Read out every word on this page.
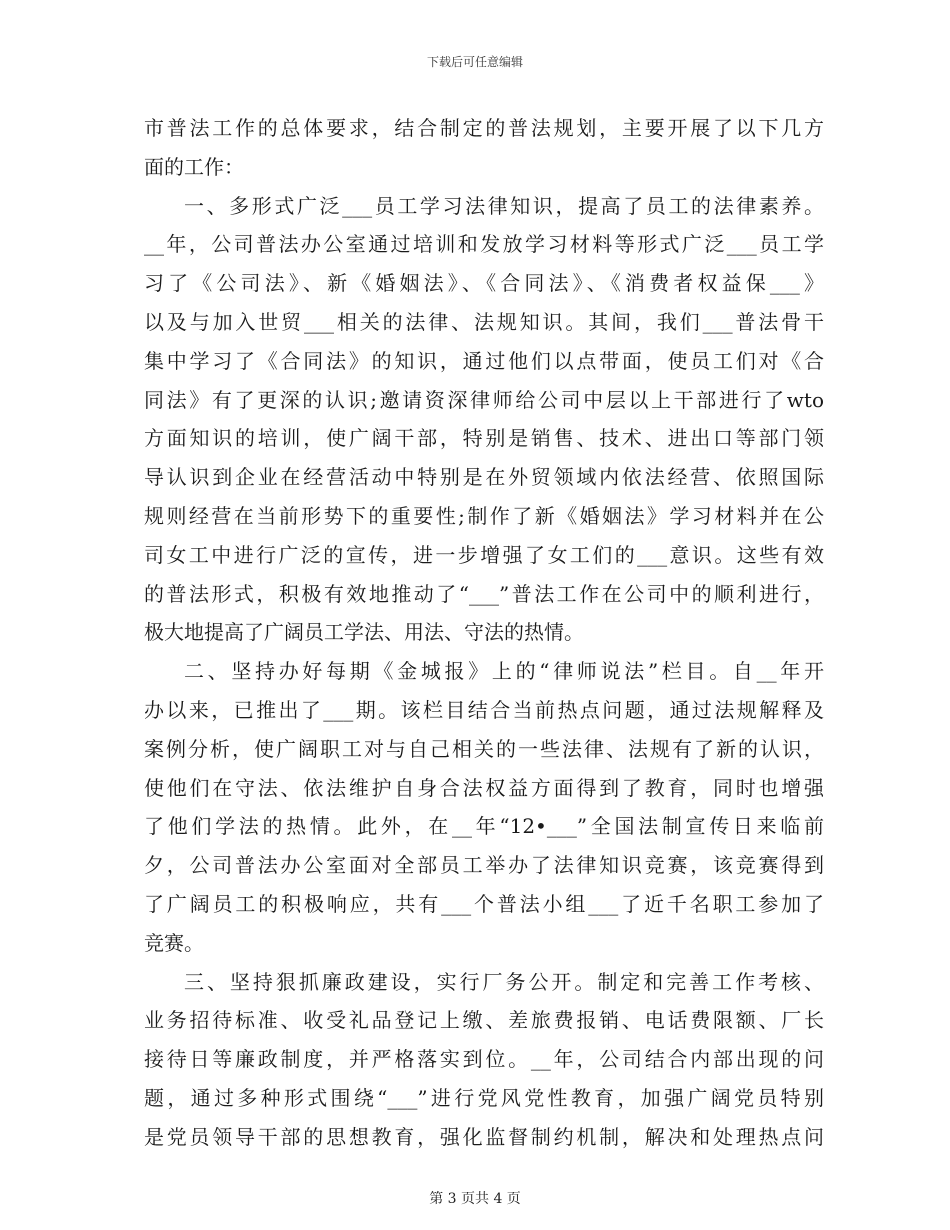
下载后可任意编辑
市普法工作的总体要求，结合制定的普法规划，主要开展了以下几方
面的工作：
一、多形式广泛___员工学习法律知识，提高了员工的法律素养。
__年，公司普法办公室通过培训和发放学习材料等形式广泛___员工学
习了《公司法》、新《婚姻法》、《合同法》、《消费者权益保___》
以及与加入世贸___相关的法律、法规知识。其间，我们___普法骨干
集中学习了《合同法》的知识，通过他们以点带面，使员工们对《合
同法》有了更深的认识;邀请资深律师给公司中层以上干部进行了wto
方面知识的培训，使广阔干部，特别是销售、技术、进出口等部门领
导认识到企业在经营活动中特别是在外贸领域内依法经营、依照国际
规则经营在当前形势下的重要性;制作了新《婚姻法》学习材料并在公
司女工中进行广泛的宣传，进一步增强了女工们的___意识。这些有效
的普法形式，积极有效地推动了“___”普法工作在公司中的顺利进行，
极大地提高了广阔员工学法、用法、守法的热情。
二、坚持办好每期《金城报》上的“律师说法”栏目。自__年开
办以来，已推出了___期。该栏目结合当前热点问题，通过法规解释及
案例分析，使广阔职工对与自己相关的一些法律、法规有了新的认识，
使他们在守法、依法维护自身合法权益方面得到了教育，同时也增强
了他们学法的热情。此外，在__年“12•___”全国法制宣传日来临前
夕，公司普法办公室面对全部员工举办了法律知识竞赛，该竞赛得到
了广阔员工的积极响应，共有___个普法小组___了近千名职工参加了
竞赛。
三、坚持狠抓廉政建设，实行厂务公开。制定和完善工作考核、
业务招待标准、收受礼品登记上缴、差旅费报销、电话费限额、厂长
接待日等廉政制度，并严格落实到位。__年，公司结合内部出现的问
题，通过多种形式围绕“___”进行党风党性教育，加强广阔党员特别
是党员领导干部的思想教育，强化监督制约机制，解决和处理热点问
第 3 页共 4 页
